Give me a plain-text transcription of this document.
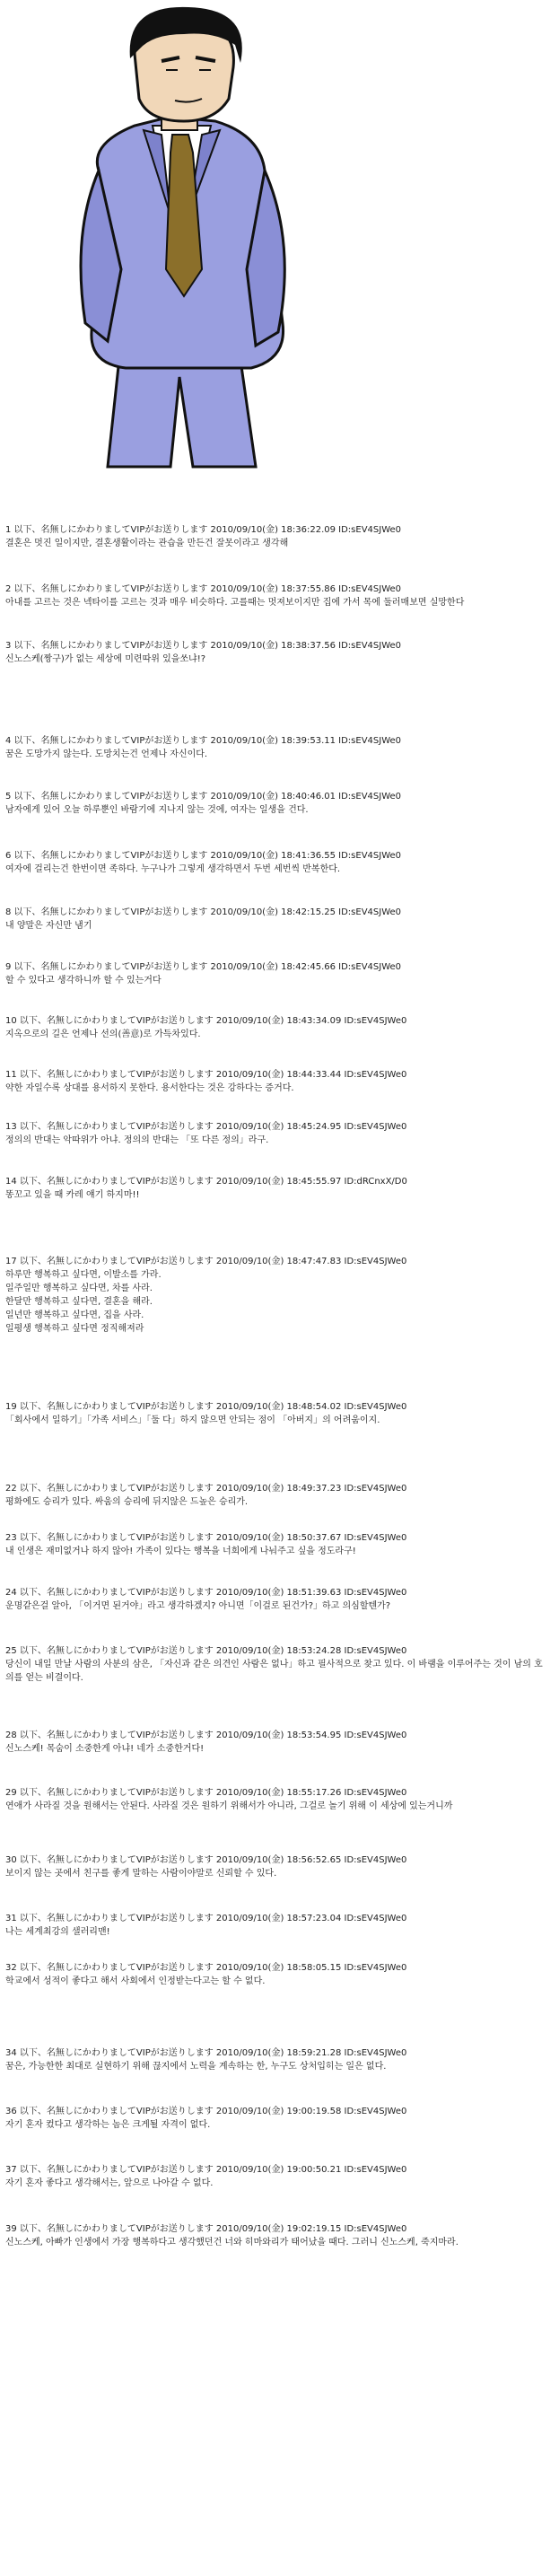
1 以下、名無しにかわりましてVIPがお送りします 2010/09/10(金) 18:36:22.09 ID:sEV4SJWe0
결혼은 멋진 일이지만, 결혼생활이라는 관습을 만든건 잘못이라고 생각해
2 以下、名無しにかわりましてVIPがお送りします 2010/09/10(金) 18:37:55.86 ID:sEV4SJWe0
아내를 고르는 것은 넥타이를 고르는 것과 매우 비슷하다. 고를때는 멋져보이지만 집에 가서 목에 둘러매보면 실망한다
3 以下、名無しにかわりましてVIPがお送りします 2010/09/10(金) 18:38:37.56 ID:sEV4SJWe0
신노스케(짱구)가 없는 세상에 미련따위 있을쏘냐!?
4 以下、名無しにかわりましてVIPがお送りします 2010/09/10(金) 18:39:53.11 ID:sEV4SJWe0
꿈은 도망가지 않는다. 도망치는건 언제나 자신이다.
5 以下、名無しにかわりましてVIPがお送りします 2010/09/10(金) 18:40:46.01 ID:sEV4SJWe0
남자에게 있어 오늘 하루뿐인 바람기에 지나지 않는 것에, 여자는 일생을 건다.
6 以下、名無しにかわりましてVIPがお送りします 2010/09/10(金) 18:41:36.55 ID:sEV4SJWe0
여자에 걸리는건 한번이면 족하다. 누구나가 그렇게 생각하면서 두번 세번씩 반복한다.
8 以下、名無しにかわりましてVIPがお送りします 2010/09/10(金) 18:42:15.25 ID:sEV4SJWe0
내 양말은 자신만 냄기
9 以下、名無しにかわりましてVIPがお送りします 2010/09/10(金) 18:42:45.66 ID:sEV4SJWe0
할 수 있다고 생각하니까 할 수 있는거다
10 以下、名無しにかわりましてVIPがお送りします 2010/09/10(金) 18:43:34.09 ID:sEV4SJWe0
지옥으로의 길은 언제나 선의(善意)로 가득차있다.
11 以下、名無しにかわりましてVIPがお送りします 2010/09/10(金) 18:44:33.44 ID:sEV4SJWe0
약한 자일수록 상대를 용서하지 못한다. 용서한다는 것은 강하다는 증거다.
13 以下、名無しにかわりましてVIPがお送りします 2010/09/10(金) 18:45:24.95 ID:sEV4SJWe0
정의의 반대는 악따위가 아냐. 정의의 반대는 「또 다른 정의」라구.
14 以下、名無しにかわりましてVIPがお送りします 2010/09/10(金) 18:45:55.97 ID:dRCnxX/D0
똥꼬고 있을 때 카레 얘기 하지마!!
17 以下、名無しにかわりましてVIPがお送りします 2010/09/10(金) 18:47:47.83 ID:sEV4SJWe0
하루만 행복하고 싶다면, 이발소를 가라.
일주일만 행복하고 싶다면, 차를 사라.
한달만 행복하고 싶다면, 결혼을 해라.
일년만 행복하고 싶다면, 집을 사라.
일평생 행복하고 싶다면 정직해져라
19 以下、名無しにかわりましてVIPがお送りします 2010/09/10(金) 18:48:54.02 ID:sEV4SJWe0
「회사에서 일하기」「가족 서비스」「둘 다」하지 않으면 안되는 점이 「아버지」의 어려움이지.
22 以下、名無しにかわりましてVIPがお送りします 2010/09/10(金) 18:49:37.23 ID:sEV4SJWe0
평화에도 승리가 있다. 싸움의 승리에 뒤지않은 드높은 승리가.
23 以下、名無しにかわりましてVIPがお送りします 2010/09/10(金) 18:50:37.67 ID:sEV4SJWe0
내 인생은 재미없거나 하지 않아! 가족이 있다는 행복을 너희에게 나눠주고 싶을 정도라구!
24 以下、名無しにかわりましてVIPがお送りします 2010/09/10(金) 18:51:39.63 ID:sEV4SJWe0
운명같은걸 알아, 「이거면 된거야」라고 생각하겠지? 아니면「이걸로 된건가?」하고 의심할텐가?
25 以下、名無しにかわりましてVIPがお送りします 2010/09/10(金) 18:53:24.28 ID:sEV4SJWe0
당신이 내일 만날 사람의 사분의 삼은, 「자신과 같은 의견인 사람은 없나」하고 필사적으로 찾고 있다. 이 바램을 이루어주는 것이 남의 호의를 얻는 비결이다.
28 以下、名無しにかわりましてVIPがお送りします 2010/09/10(金) 18:53:54.95 ID:sEV4SJWe0
신노스케! 목숨이 소중한게 아냐! 네가 소중한거다!
29 以下、名無しにかわりましてVIPがお送りします 2010/09/10(金) 18:55:17.26 ID:sEV4SJWe0
연애가 사라질 것을 원해서는 안된다. 사라질 것은 원하기 위해서가 아니라, 그걸로 놀기 위해 이 세상에 있는거니까
30 以下、名無しにかわりましてVIPがお送りします 2010/09/10(金) 18:56:52.65 ID:sEV4SJWe0
보이지 않는 곳에서 친구를 좋게 말하는 사람이야말로 신뢰할 수 있다.
31 以下、名無しにかわりましてVIPがお送りします 2010/09/10(金) 18:57:23.04 ID:sEV4SJWe0
나는 세계최강의 샐러리맨!
32 以下、名無しにかわりましてVIPがお送りします 2010/09/10(金) 18:58:05.15 ID:sEV4SJWe0
학교에서 성적이 좋다고 해서 사회에서 인정받는다고는 할 수 없다.
34 以下、名無しにかわりましてVIPがお送りします 2010/09/10(金) 18:59:21.28 ID:sEV4SJWe0
꿈은, 가능한한 최대로 실현하기 위해 끊지에서 노력을 계속하는 한, 누구도 상처입히는 일은 없다.
36 以下、名無しにかわりましてVIPがお送りします 2010/09/10(金) 19:00:19.58 ID:sEV4SJWe0
자기 혼자 컸다고 생각하는 놈은 크게될 자격이 없다.
37 以下、名無しにかわりましてVIPがお送りします 2010/09/10(金) 19:00:50.21 ID:sEV4SJWe0
자기 혼자 좋다고 생각해서는, 앞으로 나아갈 수 없다.
39 以下、名無しにかわりましてVIPがお送りします 2010/09/10(金) 19:02:19.15 ID:sEV4SJWe0
신노스케, 아빠가 인생에서 가장 행복하다고 생각했던건 너와 히마와리가 태어났을 때다. 그러니 신노스케, 죽지마라.
